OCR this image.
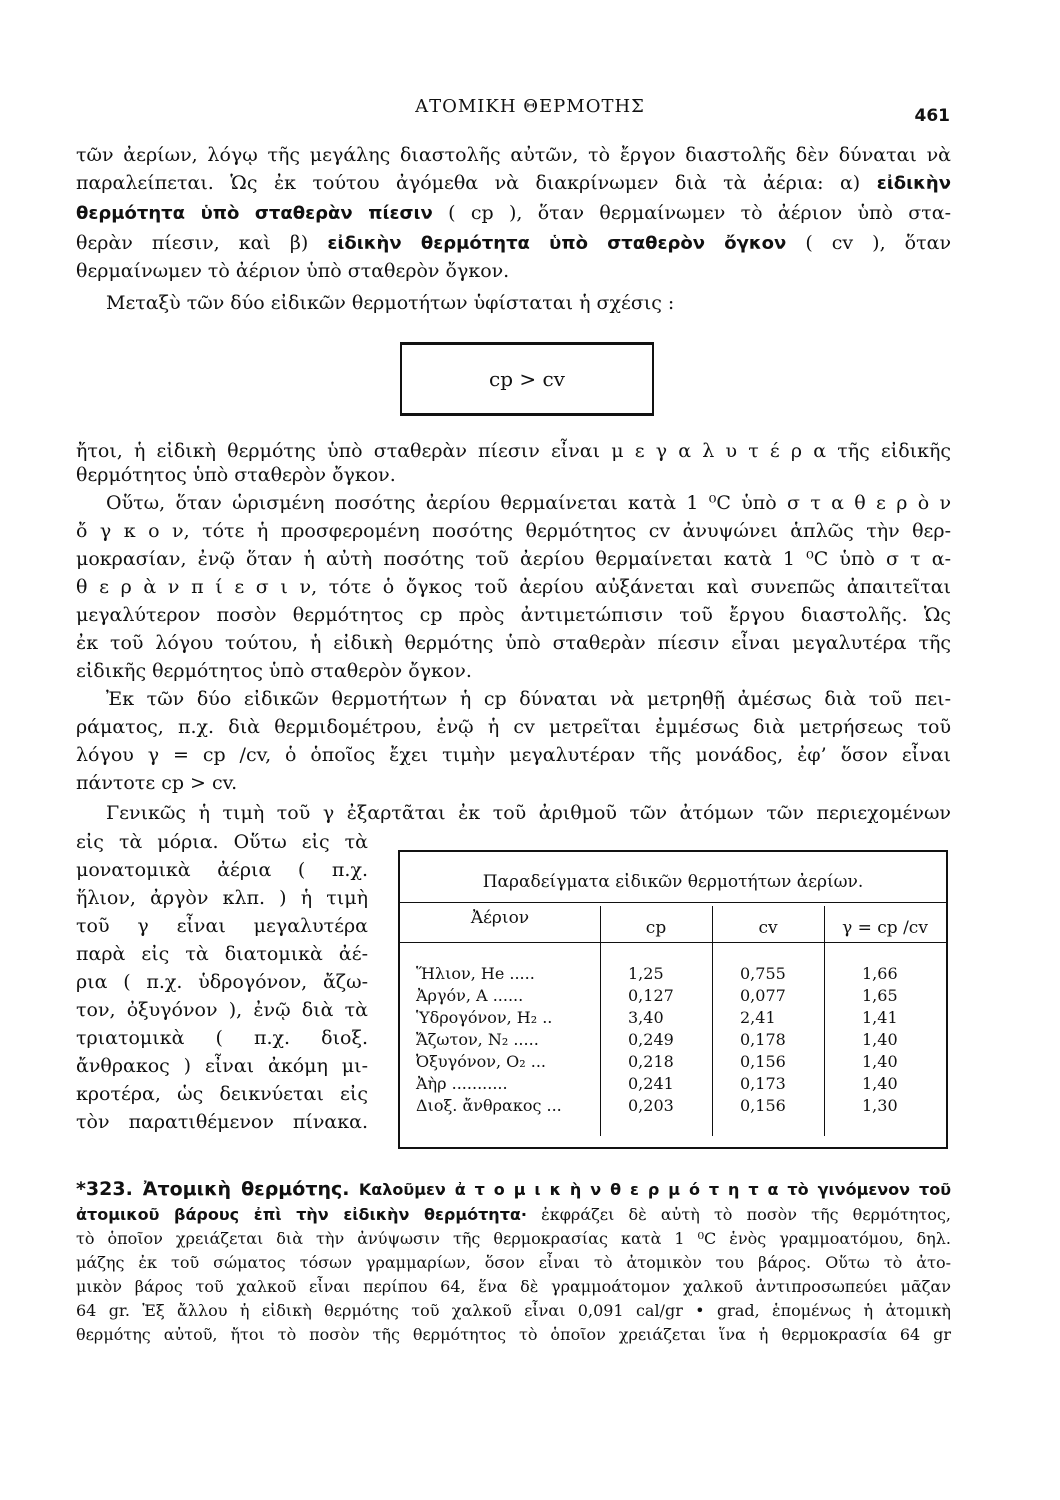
ΑΤΟΜΙΚΗ ΘΕΡΜΟΤΗΣ	461
τῶν ἀερίων, λόγῳ τῆς μεγάλης διαστολῆς αὐτῶν, τὸ ἔργον διαστολῆς δὲν δύναται νὰ
παραλείπεται. Ὡς ἐκ τούτου ἀγόμεθα νὰ διακρίνωμεν διὰ τὰ ἀέρια: α) εἰδικὴν
θερμότητα ὑπὸ σταθερὰν πίεσιν ( cp ), ὅταν θερμαίνωμεν τὸ ἀέριον ὑπὸ στα-
θερὰν πίεσιν, καὶ β) εἰδικὴν θερμότητα ὑπὸ σταθερὸν ὄγκον ( cv ), ὅταν
θερμαίνωμεν τὸ ἀέριον ὑπὸ σταθερὸν ὄγκον.
Μεταξὺ τῶν δύο εἰδικῶν θερμοτήτων ὑφίσταται ἡ σχέσις :
cp > cv
ἤτοι, ἡ εἰδικὴ θερμότης ὑπὸ σταθερὰν πίεσιν εἶναι μ ε γ α λ υ τ έ ρ α τῆς εἰδικῆς
θερμότητος ὑπὸ σταθερὸν ὄγκον.
Οὕτω, ὅταν ὡρισμένη ποσότης ἀερίου θερμαίνεται κατὰ 1 ⁰C ὑπὸ σ τ α θ ε ρ ὸ ν
ὄ γ κ ο ν, τότε ἡ προσφερομένη ποσότης θερμότητος cv ἀνυψώνει ἁπλῶς τὴν θερ-
μοκρασίαν, ἐνῷ ὅταν ἡ αὐτὴ ποσότης τοῦ ἀερίου θερμαίνεται κατὰ 1 ⁰C ὑπὸ σ τ α-
θ ε ρ ὰ ν π ί ε σ ι ν, τότε ὁ ὄγκος τοῦ ἀερίου αὐξάνεται καὶ συνεπῶς ἀπαιτεῖται
μεγαλύτερον ποσὸν θερμότητος cp πρὸς ἀντιμετώπισιν τοῦ ἔργου διαστολῆς. Ὡς
ἐκ τοῦ λόγου τούτου, ἡ εἰδικὴ θερμότης ὑπὸ σταθερὰν πίεσιν εἶναι μεγαλυτέρα τῆς
εἰδικῆς θερμότητος ὑπὸ σταθερὸν ὄγκον.
Ἐκ τῶν δύο εἰδικῶν θερμοτήτων ἡ cp δύναται νὰ μετρηθῇ ἀμέσως διὰ τοῦ πει-
ράματος, π.χ. διὰ θερμιδομέτρου, ἐνῷ ἡ cv μετρεῖται ἐμμέσως διὰ μετρήσεως τοῦ
λόγου γ = cp /cv, ὁ ὁποῖος ἔχει τιμὴν μεγαλυτέραν τῆς μονάδος, ἐφ’ ὅσον εἶναι
πάντοτε cp > cv.
Γενικῶς ἡ τιμὴ τοῦ γ ἐξαρτᾶται ἐκ τοῦ ἀριθμοῦ τῶν ἀτόμων τῶν περιεχομένων
εἰς τὰ μόρια. Οὕτω εἰς τὰ
μονατομικὰ ἀέρια ( π.χ.
ἥλιον, ἀργὸν κλπ. ) ἡ τιμὴ
τοῦ γ εἶναι μεγαλυτέρα
παρὰ εἰς τὰ διατομικὰ ἀέ-
ρια ( π.χ. ὑδρογόνον, ἄζω-
τον, ὀξυγόνον ), ἐνῷ διὰ τὰ
τριατομικὰ ( π.χ. διοξ.
ἄνθρακος ) εἶναι ἀκόμη μι-
κροτέρα, ὡς δεικνύεται εἰς
τὸν παρατιθέμενον πίνακα.
Παραδείγματα εἰδικῶν θερμοτήτων ἀερίων.
Ἀέριον	cp	cv	γ = cp /cv
Ἥλιον, He .....	1,25	0,755	1,66
Ἀργόν, A ......	0,127	0,077	1,65
Ὑδρογόνον, H₂ ..	3,40	2,41	1,41
Ἄζωτον, N₂ .....	0,249	0,178	1,40
Ὀξυγόνον, O₂ ...	0,218	0,156	1,40
Ἀὴρ ...........	0,241	0,173	1,40
Διοξ. ἄνθρακος ...	0,203	0,156	1,30
*323. Ἀτομικὴ θερμότης. Καλοῦμεν ἀ τ ο μ ι κ ὴ ν θ ε ρ μ ό τ η τ α τὸ γινόμενον τοῦ
ἀτομικοῦ βάρους ἐπὶ τὴν εἰδικὴν θερμότητα· ἐκφράζει δὲ αὐτὴ τὸ ποσὸν τῆς θερμότητος,
τὸ ὁποῖον χρειάζεται διὰ τὴν ἀνύψωσιν τῆς θερμοκρασίας κατὰ 1 ⁰C ἑνὸς γραμμοατόμου, δηλ.
μάζης ἐκ τοῦ σώματος τόσων γραμμαρίων, ὅσον εἶναι τὸ ἀτομικὸν του βάρος. Οὕτω τὸ ἀτο-
μικὸν βάρος τοῦ χαλκοῦ εἶναι περίπου 64, ἕνα δὲ γραμμοάτομον χαλκοῦ ἀντιπροσωπεύει μᾶζαν
64 gr. Ἐξ ἄλλου ἡ εἰδικὴ θερμότης τοῦ χαλκοῦ εἶναι 0,091 cal/gr • grad, ἑπομένως ἡ ἀτομικὴ
θερμότης αὐτοῦ, ἤτοι τὸ ποσὸν τῆς θερμότητος τὸ ὁποῖον χρειάζεται ἵνα ἡ θερμοκρασία 64 gr
